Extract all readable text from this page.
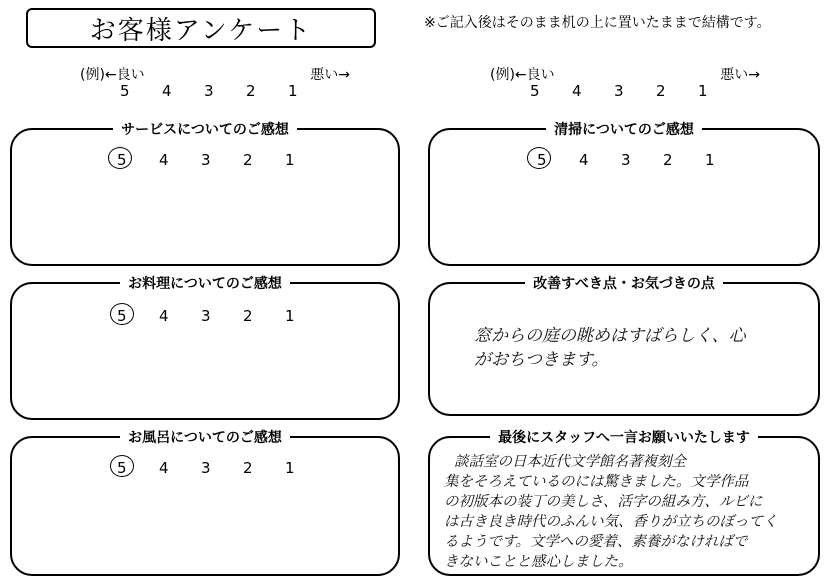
お客様アンケート	※ご記入後はそのまま机の上に置いたままで結構です。
(例)←良い	悪い→
5 4 3 2 1
(例)←良い	悪い→
5 4 3 2 1
サービスについてのご感想
5 4 3 2 1
清掃についてのご感想
5 4 3 2 1
お料理についてのご感想
5 4 3 2 1
改善すべき点・お気づきの点
窓からの庭の眺めはすばらしく、心
がおちつきます。
お風呂についてのご感想
5 4 3 2 1
最後にスタッフへ一言お願いいたします
談話室の日本近代文学館名著複刻全
集をそろえているのには驚きました。文学作品
の初版本の装丁の美しさ、活字の組み方、ルビに
は古き良き時代のふんい気、香りが立ちのぼってく
るようです。文学への愛着、素養がなければで
きないことと感心しました。
